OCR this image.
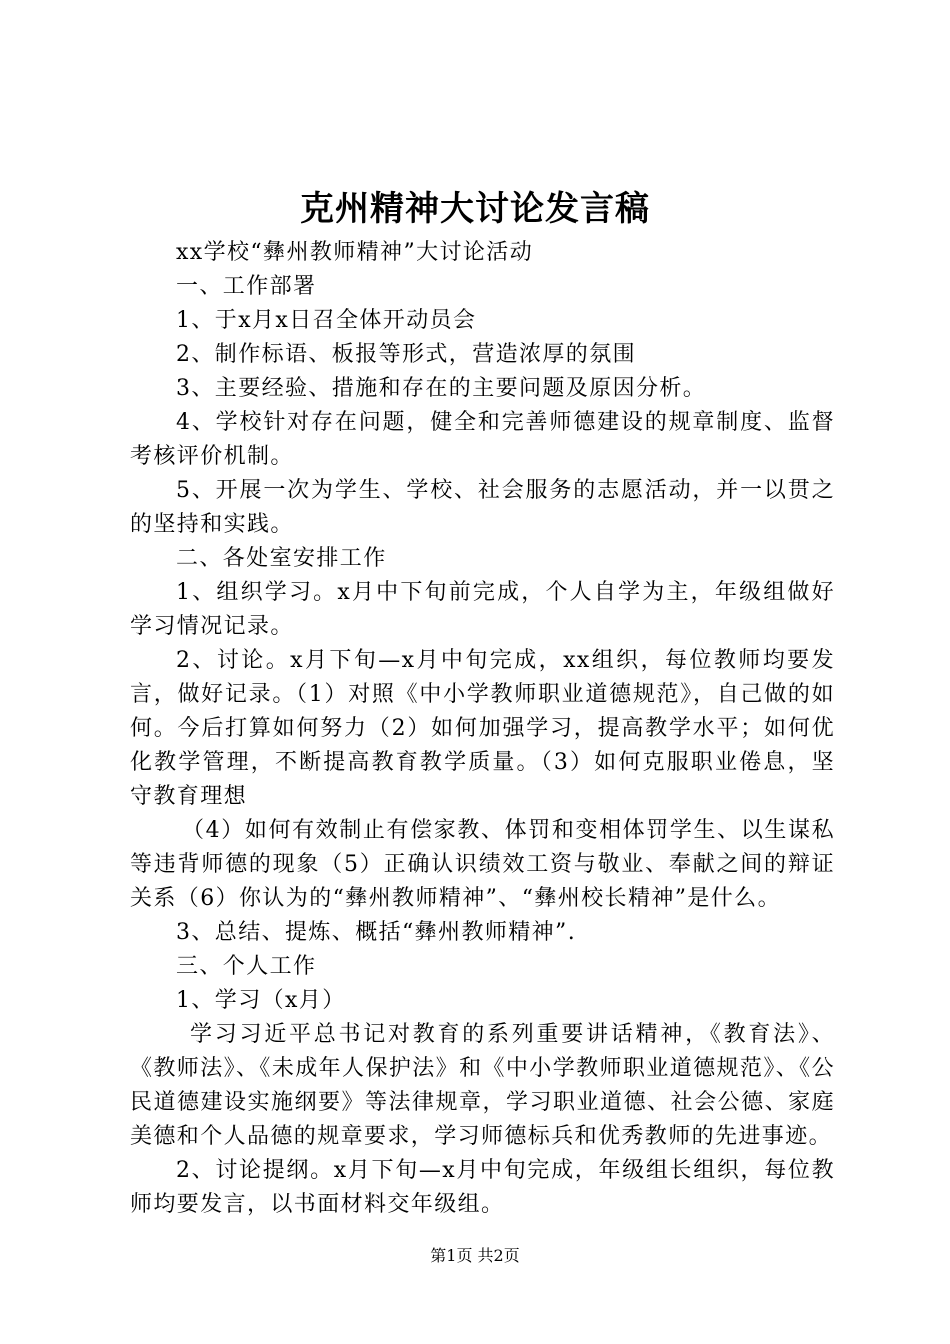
克州精神大讨论发言稿

xx学校“彝州教师精神”大讨论活动

一、工作部署

1、于x月x日召全体开动员会

2、制作标语、板报等形式，营造浓厚的氛围

3、主要经验、措施和存在的主要问题及原因分析。

4、学校针对存在问题，健全和完善师德建设的规章制度、监督考核评价机制。

5、开展一次为学生、学校、社会服务的志愿活动，并一以贯之的坚持和实践。

二、各处室安排工作

1、组织学习。x月中下旬前完成，个人自学为主，年级组做好学习情况记录。

2、讨论。x月下旬—x月中旬完成，xx组织，每位教师均要发言，做好记录。（1）对照《中小学教师职业道德规范》，自己做的如何。今后打算如何努力（2）如何加强学习，提高教学水平；如何优化教学管理，不断提高教育教学质量。（3）如何克服职业倦息，坚守教育理想

（4）如何有效制止有偿家教、体罚和变相体罚学生、以生谋私等违背师德的现象（5）正确认识绩效工资与敬业、奉献之间的辩证关系（6）你认为的“彝州教师精神”、“彝州校长精神”是什么。

3、总结、提炼、概括“彝州教师精神”.

三、个人工作

1、学习（x月）

学习习近平总书记对教育的系列重要讲话精神，《教育法》、《教师法》、《未成年人保护法》和《中小学教师职业道德规范》、《公民道德建设实施纲要》等法律规章，学习职业道德、社会公德、家庭美德和个人品德的规章要求，学习师德标兵和优秀教师的先进事迹。

2、讨论提纲。x月下旬—x月中旬完成，年级组长组织，每位教师均要发言，以书面材料交年级组。

第1页 共2页
